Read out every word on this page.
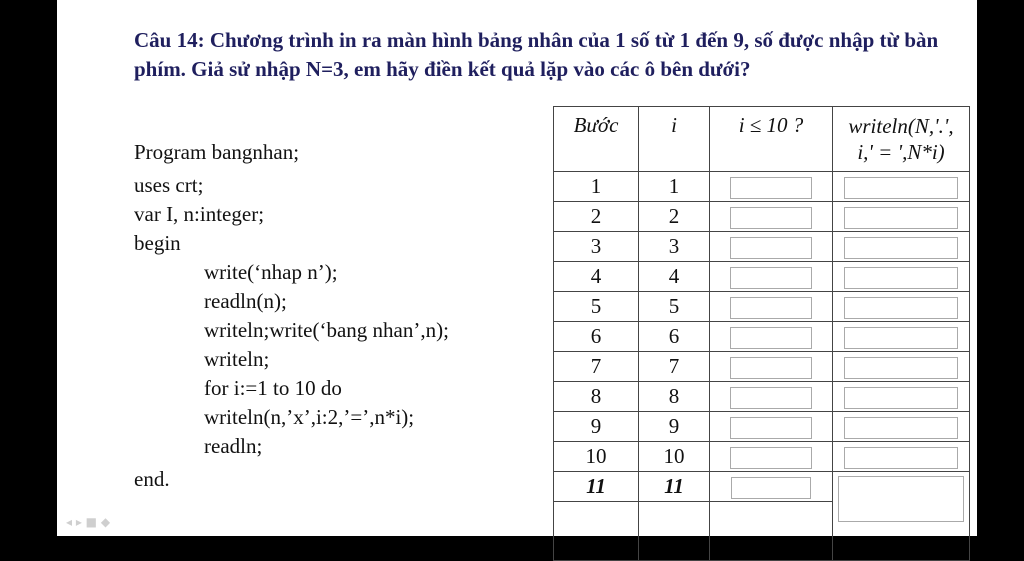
Câu 14: Chương trình in ra màn hình bảng nhân của 1 số từ 1 đến 9, số được nhập từ bàn phím. Giả sử nhập N=3, em hãy điền kết quả lặp vào các ô bên dưới?
Program bangnhan;
uses crt;
var I, n:integer;
begin
write(‘nhap n’);
readln(n);
writeln;write(‘bang nhan’,n);
writeln;
for i:=1 to 10 do
writeln(n,’x’,i:2,’=’,n*i);
readln;
end.
Bước	i	i ≤ 10 ?	writeln(N,'.',
i,' = ',N*i)

1	1		
2	2		
3	3		
4	4		
5	5		
6	6		
7	7		
8	8		
9	9		
10	10		
11	11		

◂ ▸ ■ ◆
